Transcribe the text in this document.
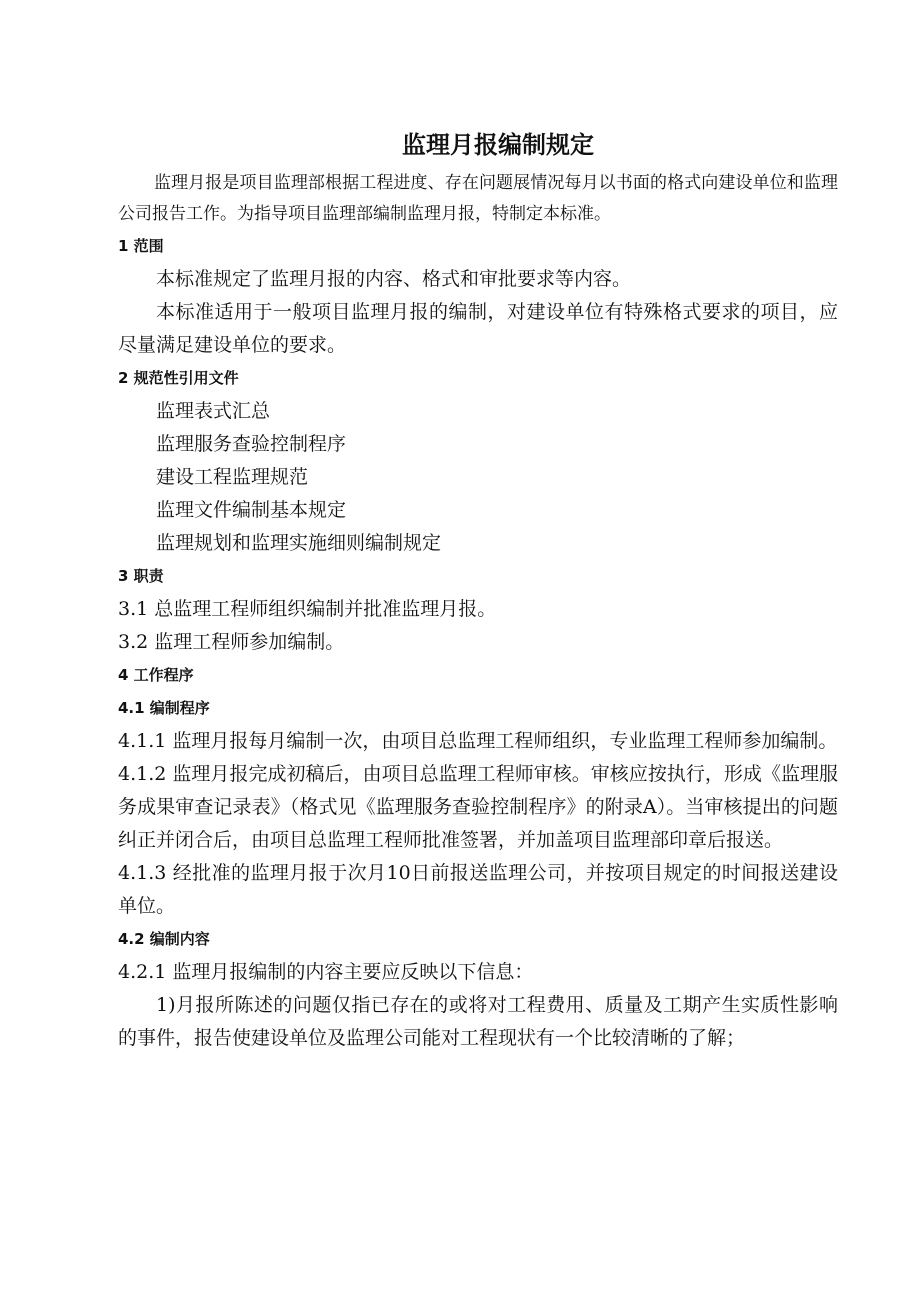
监理月报编制规定

监理月报是项目监理部根据工程进度、存在问题展情况每月以书面的格式向建设单位和监理公司报告工作。为指导项目监理部编制监理月报，特制定本标准。

1 范围

本标准规定了监理月报的内容、格式和审批要求等内容。

本标准适用于一般项目监理月报的编制，对建设单位有特殊格式要求的项目，应尽量满足建设单位的要求。

2 规范性引用文件

监理表式汇总

监理服务查验控制程序

建设工程监理规范

监理文件编制基本规定

监理规划和监理实施细则编制规定

3 职责

3.1 总监理工程师组织编制并批准监理月报。

3.2 监理工程师参加编制。

4 工作程序
4.1 编制程序

4.1.1 监理月报每月编制一次，由项目总监理工程师组织，专业监理工程师参加编制。

4.1.2 监理月报完成初稿后，由项目总监理工程师审核。审核应按执行，形成《监理服务成果审查记录表》（格式见《监理服务查验控制程序》的附录A）。当审核提出的问题纠正并闭合后，由项目总监理工程师批准签署，并加盖项目监理部印章后报送。

4.1.3 经批准的监理月报于次月10日前报送监理公司，并按项目规定的时间报送建设单位。

4.2 编制内容

4.2.1 监理月报编制的内容主要应反映以下信息：

1)月报所陈述的问题仅指已存在的或将对工程费用、质量及工期产生实质性影响的事件，报告使建设单位及监理公司能对工程现状有一个比较清晰的了解；
